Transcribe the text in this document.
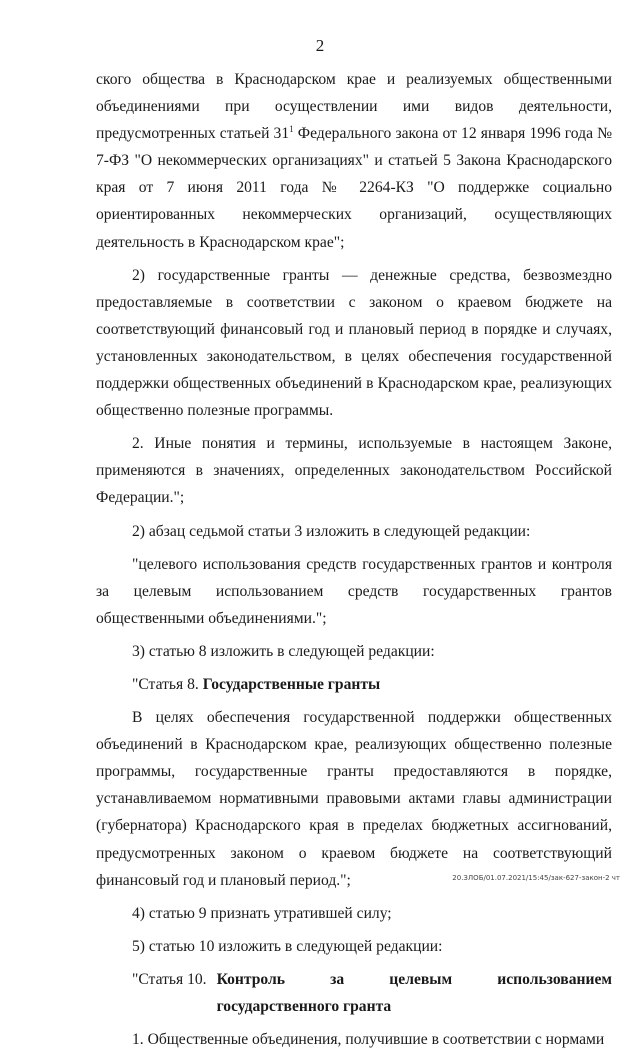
2

ского общества в Краснодарском крае и реализуемых общественными объединениями при осуществлении ими видов деятельности, предусмотренных статьей $31^1$ Федерального закона от 12 января 1996 года № 7-ФЗ "О некоммерческих организациях" и статьей 5 Закона Краснодарского края от 7 июня 2011 года № 2264-КЗ "О поддержке социально ориентированных некоммерческих организаций, осуществляющих деятельность в Краснодарском крае";

2) государственные гранты — денежные средства, безвозмездно предоставляемые в соответствии с законом о краевом бюджете на соответствующий финансовый год и плановый период в порядке и случаях, установленных законодательством, в целях обеспечения государственной поддержки общественных объединений в Краснодарском крае, реализующих общественно полезные программы.

2. Иные понятия и термины, используемые в настоящем Законе, применяются в значениях, определенных законодательством Российской Федерации.";

2) абзац седьмой статьи 3 изложить в следующей редакции:

"целевого использования средств государственных грантов и контроля за целевым использованием средств государственных грантов общественными объединениями.";

3) статью 8 изложить в следующей редакции:

"Статья 8. Государственные гранты

В целях обеспечения государственной поддержки общественных объединений в Краснодарском крае, реализующих общественно полезные программы, государственные гранты предоставляются в порядке, устанавливаемом нормативными правовыми актами главы администрации (губернатора) Краснодарского края в пределах бюджетных ассигнований, предусмотренных законом о краевом бюджете на соответствующий финансовый год и плановый период.";

4) статью 9 признать утратившей силу;

5) статью 10 изложить в следующей редакции:

"Статья 10. Контроль за целевым использованием государственного гранта

1. Общественные объединения, получившие в соответствии с нормами

20.ЗЛОБ/01.07.2021/15:45/зак-627-закон-2 чт
